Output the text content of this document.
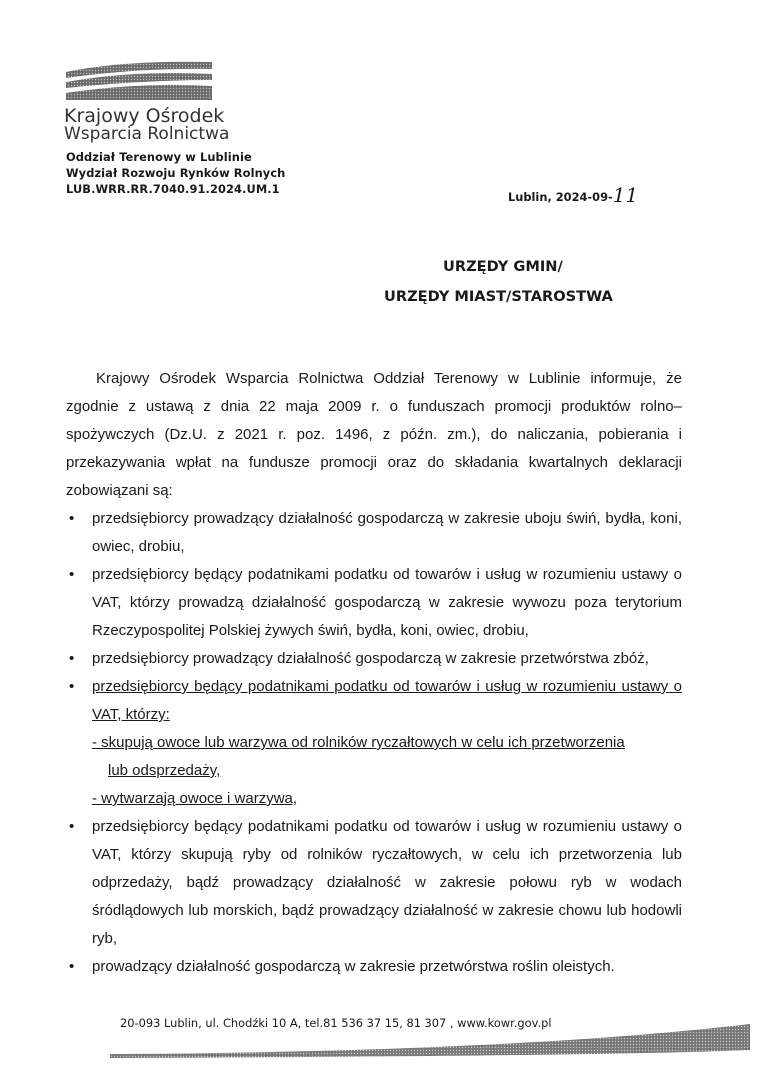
Krajowy Ośrodek
Wsparcia Rolnictwa
Oddział Terenowy w Lublinie
Wydział Rozwoju Rynków Rolnych
LUB.WRR.RR.7040.91.2024.UM.1
Lublin, 2024-09-11
URZĘDY GMIN/
URZĘDY MIAST/STAROSTWA

Krajowy Ośrodek Wsparcia Rolnictwa Oddział Terenowy w Lublinie informuje, że zgodnie z ustawą z dnia 22 maja 2009 r. o funduszach promocji produktów rolno–spożywczych (Dz.U. z 2021 r. poz. 1496, z późn. zm.), do naliczania, pobierania i przekazywania wpłat na fundusze promocji oraz do składania kwartalnych deklaracji zobowiązani są:

• przedsiębiorcy prowadzący działalność gospodarczą w zakresie uboju świń, bydła, koni, owiec, drobiu,
• przedsiębiorcy będący podatnikami podatku od towarów i usług w rozumieniu ustawy o VAT, którzy prowadzą działalność gospodarczą w zakresie wywozu poza terytorium Rzeczypospolitej Polskiej żywych świń, bydła, koni, owiec, drobiu,
• przedsiębiorcy prowadzący działalność gospodarczą w zakresie przetwórstwa zbóż,
• przedsiębiorcy będący podatnikami podatku od towarów i usług w rozumieniu ustawy o VAT, którzy:
- skupują owoce lub warzywa od rolników ryczałtowych w celu ich przetworzenia
lub odsprzedaży,
- wytwarzają owoce i warzywa,
• przedsiębiorcy będący podatnikami podatku od towarów i usług w rozumieniu ustawy o VAT, którzy skupują ryby od rolników ryczałtowych, w celu ich przetworzenia lub odprzedaży, bądź prowadzący działalność w zakresie połowu ryb w wodach śródlądowych lub morskich, bądź prowadzący działalność w zakresie chowu lub hodowli ryb,
• prowadzący działalność gospodarczą w zakresie przetwórstwa roślin oleistych.
20-093 Lublin, ul. Chodźki 10 A, tel.81 536 37 15, 81 307 , www.kowr.gov.pl
